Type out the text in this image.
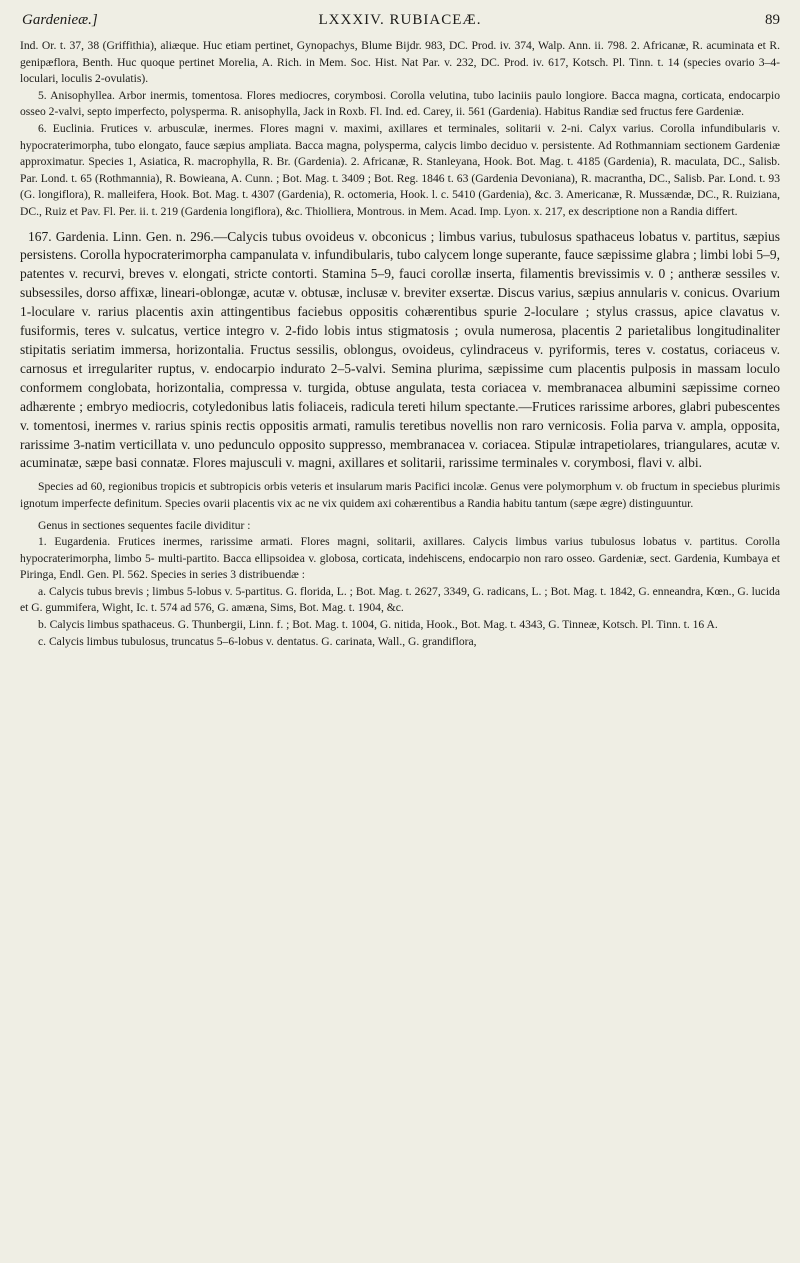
Gardenieæ.]	LXXXIV. RUBIACEÆ.	89

Ind. Or. t. 37, 38 (Griffithia), aliæque. Huc etiam pertinet, Gynopachys, Blume Bijdr. 983, DC. Prod. iv. 374, Walp. Ann. ii. 798. 2. Africanæ, R. acuminata et R. genipæflora, Benth. Huc quoque pertinet Morelia, A. Rich. in Mem. Soc. Hist. Nat Par. v. 232, DC. Prod. iv. 617, Kotsch. Pl. Tinn. t. 14 (species ovario 3–4-loculari, loculis 2-ovulatis).

5. Anisophyllea. Arbor inermis, tomentosa. Flores mediocres, corymbosi. Corolla velutina, tubo laciniis paulo longiore. Bacca magna, corticata, endocarpio osseo 2-valvi, septo imperfecto, polysperma. R. anisophylla, Jack in Roxb. Fl. Ind. ed. Carey, ii. 561 (Gardenia). Habitus Randiæ sed fructus fere Gardeniæ.

6. Euclinia. Frutices v. arbusculæ, inermes. Flores magni v. maximi, axillares et terminales, solitarii v. 2-ni. Calyx varius. Corolla infundibularis v. hypocraterimorpha, tubo elongato, fauce sæpius ampliata. Bacca magna, polysperma, calycis limbo deciduo v. persistente. Ad Rothmanniam sectionem Gardeniæ approximatur. Species 1, Asiatica, R. macrophylla, R. Br. (Gardenia). 2. Africanæ, R. Stanleyana, Hook. Bot. Mag. t. 4185 (Gardenia), R. maculata, DC., Salisb. Par. Lond. t. 65 (Rothmannia), R. Bowieana, A. Cunn. ; Bot. Mag. t. 3409 ; Bot. Reg. 1846 t. 63 (Gardenia Devoniana), R. macrantha, DC., Salisb. Par. Lond. t. 93 (G. longiflora), R. malleifera, Hook. Bot. Mag. t. 4307 (Gardenia), R. octomeria, Hook. l. c. 5410 (Gardenia), &c. 3. Americanæ, R. Mussændæ, DC., R. Ruiziana, DC., Ruiz et Pav. Fl. Per. ii. t. 219 (Gardenia longiflora), &c. Thiolliera, Montrous. in Mem. Acad. Imp. Lyon. x. 217, ex descriptione non a Randia differt.

167. Gardenia. Linn. Gen. n. 296.—Calycis tubus ovoideus v. obconicus ; limbus varius, tubulosus spathaceus lobatus v. partitus, sæpius persistens. Corolla hypocraterimorpha campanulata v. infundibularis, tubo calycem longe superante, fauce sæpissime glabra ; limbi lobi 5–9, patentes v. recurvi, breves v. elongati, stricte contorti. Stamina 5–9, fauci corollæ inserta, filamentis brevissimis v. 0 ; antheræ sessiles v. subsessiles, dorso affixæ, lineari-oblongæ, acutæ v. obtusæ, inclusæ v. breviter exsertæ. Discus varius, sæpius annularis v. conicus. Ovarium 1-loculare v. rarius placentis axin attingentibus faciebus oppositis cohærentibus spurie 2-loculare ; stylus crassus, apice clavatus v. fusiformis, teres v. sulcatus, vertice integro v. 2-fido lobis intus stigmatosis ; ovula numerosa, placentis 2 parietalibus longitudinaliter stipitatis seriatim immersa, horizontalia. Fructus sessilis, oblongus, ovoideus, cylindraceus v. pyriformis, teres v. costatus, coriaceus v. carnosus et irregulariter ruptus, v. endocarpio indurato 2–5-valvi. Semina plurima, sæpissime cum placentis pulposis in massam loculo conformem conglobata, horizontalia, compressa v. turgida, obtuse angulata, testa coriacea v. membranacea albumini sæpissime corneo adhærente ; embryo mediocris, cotyledonibus latis foliaceis, radicula tereti hilum spectante.—Frutices rarissime arbores, glabri pubescentes v. tomentosi, inermes v. rarius spinis rectis oppositis armati, ramulis teretibus novellis non raro vernicosis. Folia parva v. ampla, opposita, rarissime 3-natim verticillata v. uno pedunculo opposito suppresso, membranacea v. coriacea. Stipulæ intrapetiolares, triangulares, acutæ v. acuminatæ, sæpe basi connatæ. Flores majusculi v. magni, axillares et solitarii, rarissime terminales v. corymbosi, flavi v. albi.

Species ad 60, regionibus tropicis et subtropicis orbis veteris et insularum maris Pacifici incolæ. Genus vere polymorphum v. ob fructum in speciebus plurimis ignotum imperfecte definitum. Species ovarii placentis vix ac ne vix quidem axi cohærentibus a Randia habitu tantum (sæpe ægre) distinguuntur.

Genus in sectiones sequentes facile dividitur :

1. Eugardenia. Frutices inermes, rarissime armati. Flores magni, solitarii, axillares. Calycis limbus varius tubulosus lobatus v. partitus. Corolla hypocraterimorpha, limbo 5- multi-partito. Bacca ellipsoidea v. globosa, corticata, indehiscens, endocarpio non raro osseo. Gardeniæ, sect. Gardenia, Kumbaya et Piringa, Endl. Gen. Pl. 562. Species in series 3 distribuendæ :

a. Calycis tubus brevis ; limbus 5-lobus v. 5-partitus. G. florida, L. ; Bot. Mag. t. 2627, 3349, G. radicans, L. ; Bot. Mag. t. 1842, G. enneandra, Kœn., G. lucida et G. gummifera, Wight, Ic. t. 574 ad 576, G. amæna, Sims, Bot. Mag. t. 1904, &c.

b. Calycis limbus spathaceus. G. Thunbergii, Linn. f. ; Bot. Mag. t. 1004, G. nitida, Hook., Bot. Mag. t. 4343, G. Tinneæ, Kotsch. Pl. Tinn. t. 16 A.

c. Calycis limbus tubulosus, truncatus 5–6-lobus v. dentatus. G. carinata, Wall., G. grandiflora,
